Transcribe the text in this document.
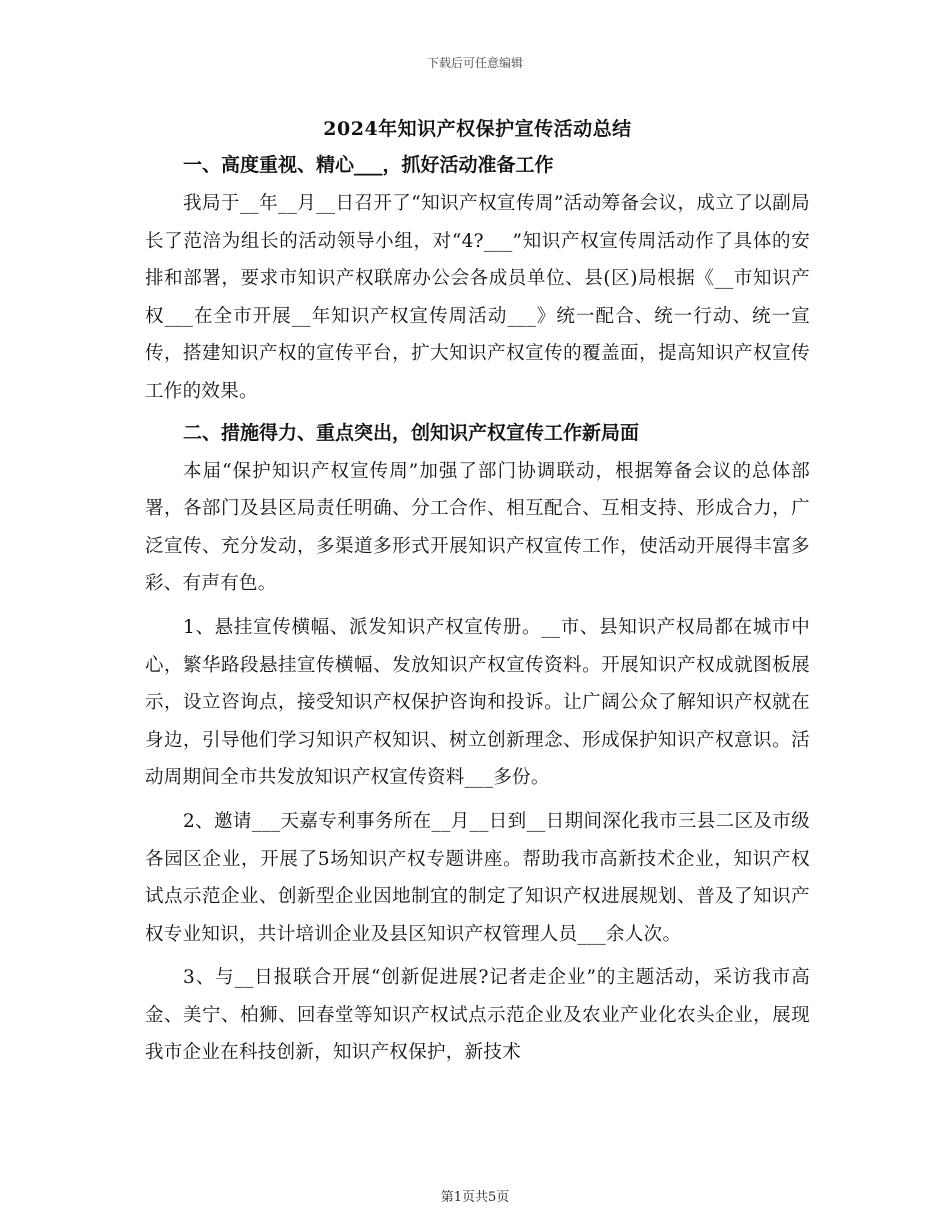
下载后可任意编辑
2024年知识产权保护宣传活动总结
一、高度重视、精心___，抓好活动准备工作

我局于__年__月__日召开了“知识产权宣传周”活动筹备会议，成立了以副局长了范涪为组长的活动领导小组，对“4?___”知识产权宣传周活动作了具体的安排和部署，要求市知识产权联席办公会各成员单位、县(区)局根据《__市知识产权___在全市开展__年知识产权宣传周活动___》统一配合、统一行动、统一宣传，搭建知识产权的宣传平台，扩大知识产权宣传的覆盖面，提高知识产权宣传工作的效果。

二、措施得力、重点突出，创知识产权宣传工作新局面

本届“保护知识产权宣传周”加强了部门协调联动，根据筹备会议的总体部署，各部门及县区局责任明确、分工合作、相互配合、互相支持、形成合力，广泛宣传、充分发动，多渠道多形式开展知识产权宣传工作，使活动开展得丰富多彩、有声有色。

1、悬挂宣传横幅、派发知识产权宣传册。__市、县知识产权局都在城市中心，繁华路段悬挂宣传横幅、发放知识产权宣传资料。开展知识产权成就图板展示，设立咨询点，接受知识产权保护咨询和投诉。让广阔公众了解知识产权就在身边，引导他们学习知识产权知识、树立创新理念、形成保护知识产权意识。活动周期间全市共发放知识产权宣传资料___多份。

2、邀请___天嘉专利事务所在__月__日到__日期间深化我市三县二区及市级各园区企业，开展了5场知识产权专题讲座。帮助我市高新技术企业，知识产权试点示范企业、创新型企业因地制宜的制定了知识产权进展规划、普及了知识产权专业知识，共计培训企业及县区知识产权管理人员___余人次。

3、与__日报联合开展“创新促进展?记者走企业”的主题活动，采访我市高金、美宁、柏狮、回春堂等知识产权试点示范企业及农业产业化农头企业，展现我市企业在科技创新，知识产权保护，新技术

第1页共5页
